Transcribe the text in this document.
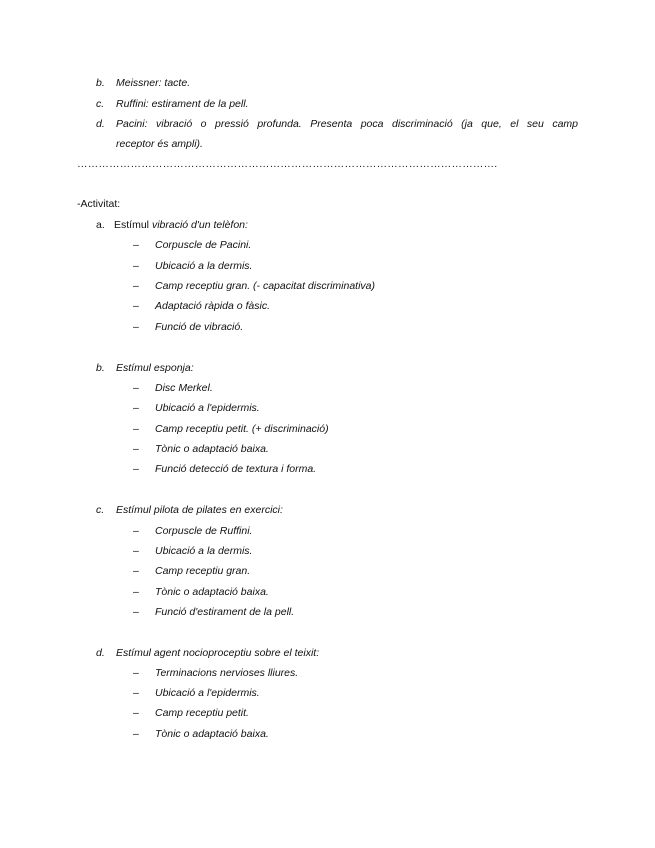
b. Meissner: tacte.
c. Ruffini: estirament de la pell.
d. Pacini: vibració o pressió profunda. Presenta poca discriminació (ja que, el seu camp
receptor és ampli).
……………………………………………………………………………………………………….
-Activitat:
a. Estímul vibració d'un telèfon:
– Corpuscle de Pacini.
– Ubicació a la dermis.
– Camp receptiu gran. (- capacitat discriminativa)
– Adaptació ràpida o fàsic.
– Funció de vibració.
b. Estímul esponja:
– Disc Merkel.
– Ubicació a l'epidermis.
– Camp receptiu petit. (+ discriminació)
– Tònic o adaptació baixa.
– Funció detecció de textura i forma.
c. Estímul pilota de pilates en exercici:
– Corpuscle de Ruffini.
– Ubicació a la dermis.
– Camp receptiu gran.
– Tònic o adaptació baixa.
– Funció d'estirament de la pell.
d. Estímul agent nocioproceptiu sobre el teixit:
– Terminacions nervioses lliures.
– Ubicació a l'epidermis.
– Camp receptiu petit.
– Tònic o adaptació baixa.
